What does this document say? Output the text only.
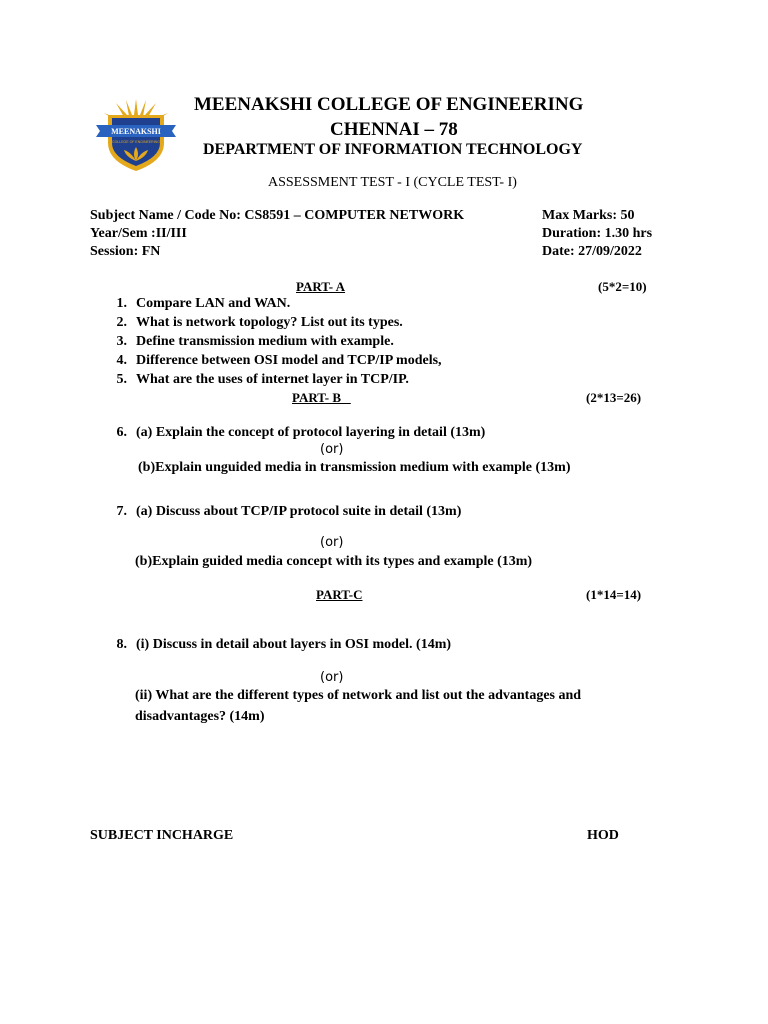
MEENAKSHI
COLLEGE OF ENGINEERING
MEENAKSHI COLLEGE OF ENGINEERING
CHENNAI – 78
DEPARTMENT OF INFORMATION TECHNOLOGY
ASSESSMENT TEST - I (CYCLE TEST- I)
Subject Name / Code No: CS8591 – COMPUTER NETWORK
Year/Sem :II/III
Session: FN
Max Marks: 50
Duration: 1.30 hrs
Date: 27/09/2022
PART- A	(5*2=10)
1. Compare LAN and WAN.
2. What is network topology? List out its types.
3. Define transmission medium with example.
4. Difference between OSI model and TCP/IP models,
5. What are the uses of internet layer in TCP/IP.
PART- B	(2*13=26)
6. (a) Explain the concept of protocol layering in detail (13m)
(or)
(b)Explain unguided media in transmission medium with example (13m)
7. (a) Discuss about TCP/IP protocol suite in detail (13m)
(or)
(b)Explain guided media concept with its types and example (13m)
PART-C	(1*14=14)
8. (i) Discuss in detail about layers in OSI model. (14m)
(or)
(ii) What are the different types of network and list out the advantages and
disadvantages? (14m)
SUBJECT INCHARGE	HOD
